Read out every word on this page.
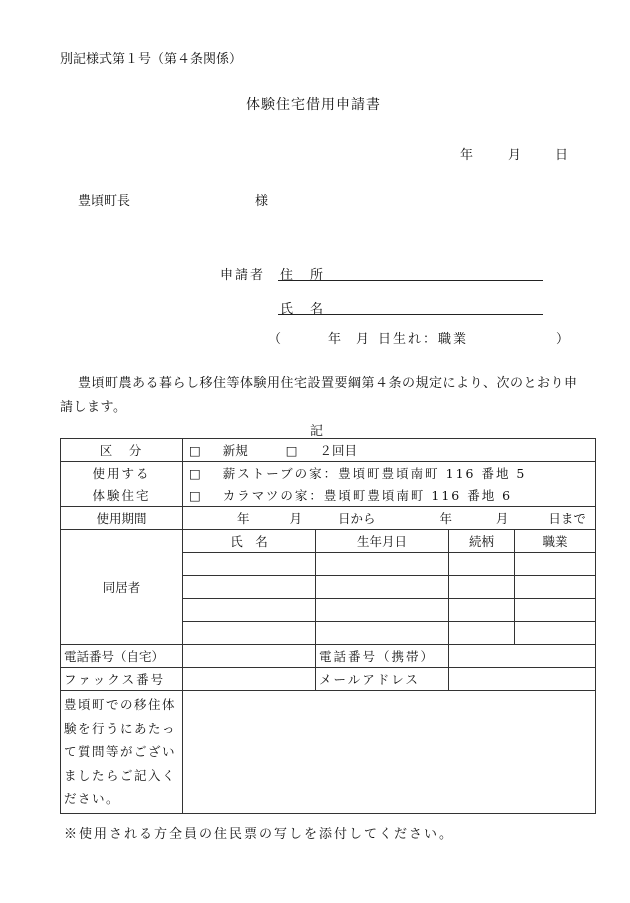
別記様式第１号（第４条関係）
体験住宅借用申請書
年	月	日
豊頃町長	様
申請者 住　所
氏　名
（	年 月 日生れ：職業	）
豊頃町農ある暮らし移住等体験用住宅設置要綱第４条の規定により、次のとおり申請します。
記
区　分	□ 新規 □ ２回目			
使用する	□ 薪ストーブの家：豊頃町豊頃南町 116 番地 5			
体験住宅	□ カラマツの家：豊頃町豊頃南町 116 番地 6			
使用期間	年 月 日から 年 月 日まで			
同居者	氏　名	生年月日	続柄	職業

電話番号（自宅）		電話番号（携帯）		
ファックス番号		メールアドレス		
豊頃町での移住体験を行うにあたって質問等がございましたらご記入ください。				
※使用される方全員の住民票の写しを添付してください。
